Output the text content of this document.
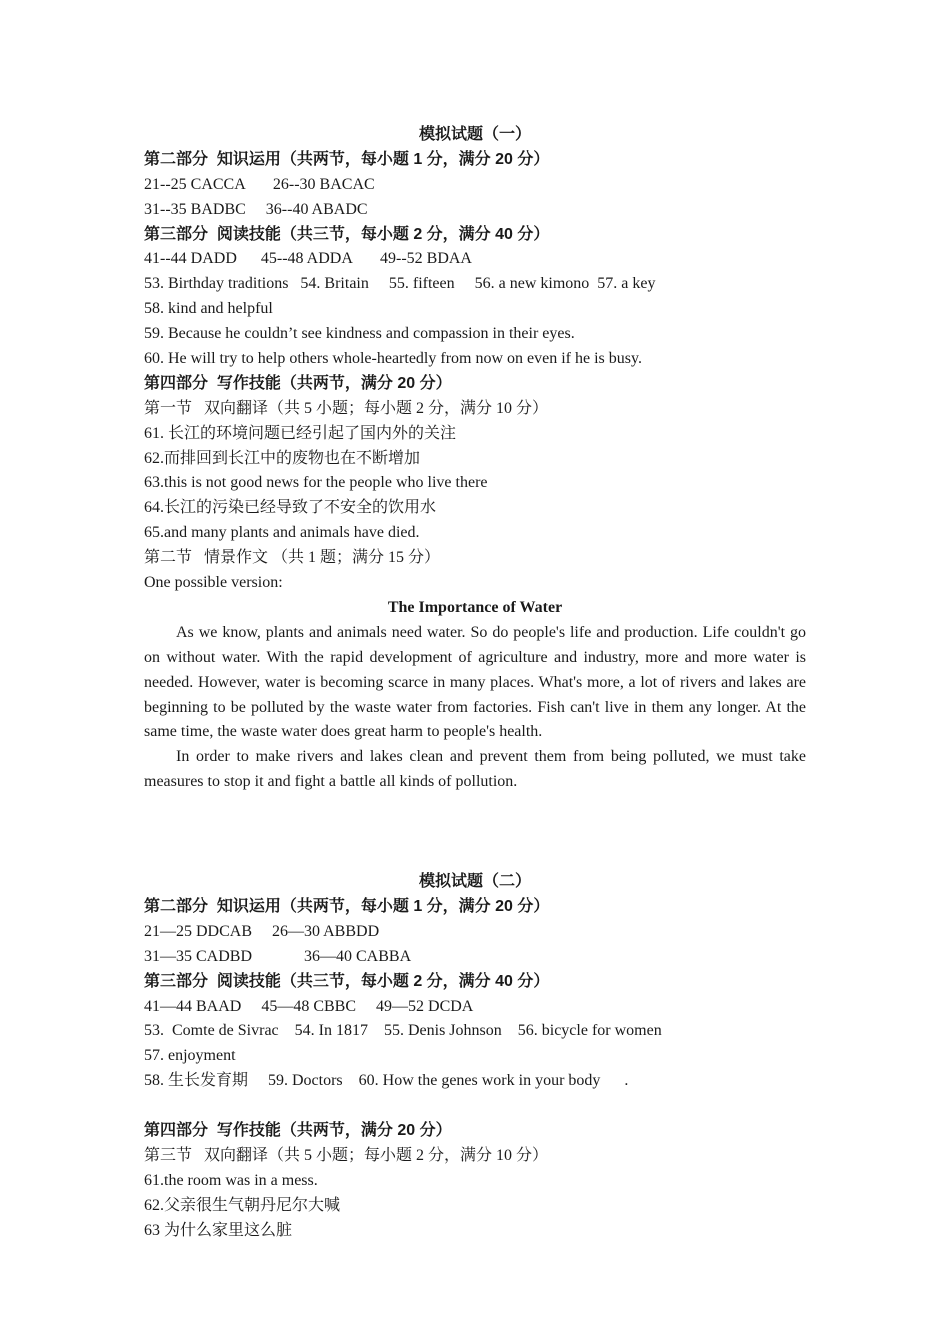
模拟试题（一）
第二部分  知识运用（共两节，每小题 1 分，满分 20 分）
21--25 CACCA       26--30 BACAC
31--35 BADBC     36--40 ABADC
第三部分  阅读技能（共三节，每小题 2 分，满分 40 分）
41--44 DADD      45--48 ADDA       49--52 BDAA
53. Birthday traditions   54. Britain     55. fifteen     56. a new kimono  57. a key
58. kind and helpful
59. Because he couldn’t see kindness and compassion in their eyes.
60. He will try to help others whole-heartedly from now on even if he is busy.
第四部分  写作技能（共两节，满分 20 分）
第一节   双向翻译（共 5 小题；每小题 2 分，满分 10 分）
61. 长江的环境问题已经引起了国内外的关注
62.而排回到长江中的废物也在不断增加
63.this is not good news for the people who live there
64.长江的污染已经导致了不安全的饮用水
65.and many plants and animals have died.
第二节   情景作文 （共 1 题；满分 15 分）
One possible version:
The Importance of Water
As we know, plants and animals need water. So do people's life and production. Life couldn't go on without water. With the rapid development of agriculture and industry, more and more water is needed. However, water is becoming scarce in many places. What's more, a lot of rivers and lakes are beginning to be polluted by the waste water from factories. Fish can't live in them any longer. At the same time, the waste water does great harm to people's health.
In order to make rivers and lakes clean and prevent them from being polluted, we must take measures to stop it and fight a battle all kinds of pollution.
模拟试题（二）
第二部分  知识运用（共两节，每小题 1 分，满分 20 分）
21—25 DDCAB     26—30 ABBDD
31—35 CADBD             36—40 CABBA
第三部分  阅读技能（共三节，每小题 2 分，满分 40 分）
41—44 BAAD     45—48 CBBC     49—52 DCDA
53.  Comte de Sivrac    54. In 1817    55. Denis Johnson    56. bicycle for women
57. enjoyment
58. 生长发育期     59. Doctors    60. How the genes work in your body      .
第四部分  写作技能（共两节，满分 20 分）
第三节   双向翻译（共 5 小题；每小题 2 分，满分 10 分）
61.the room was in a mess.
62.父亲很生气朝丹尼尔大喊
63 为什么家里这么脏
